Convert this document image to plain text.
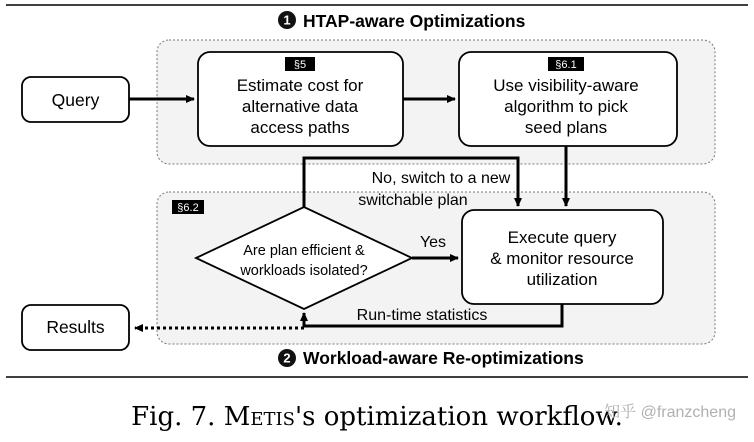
1 HTAP-aware Optimizations
2 Workload-aware Re-optimizations
§6.2
Query
§5
Estimate cost for
alternative data
access paths
§6.1
Use visibility-aware
algorithm to pick
seed plans
Are plan efficient &
workloads isolated?
Execute query
& monitor resource
utilization
Results
No, switch to a new
switchable plan
Yes
Run-time statistics
Fig. 7. Metis's optimization workflow.
知乎 @franzcheng
